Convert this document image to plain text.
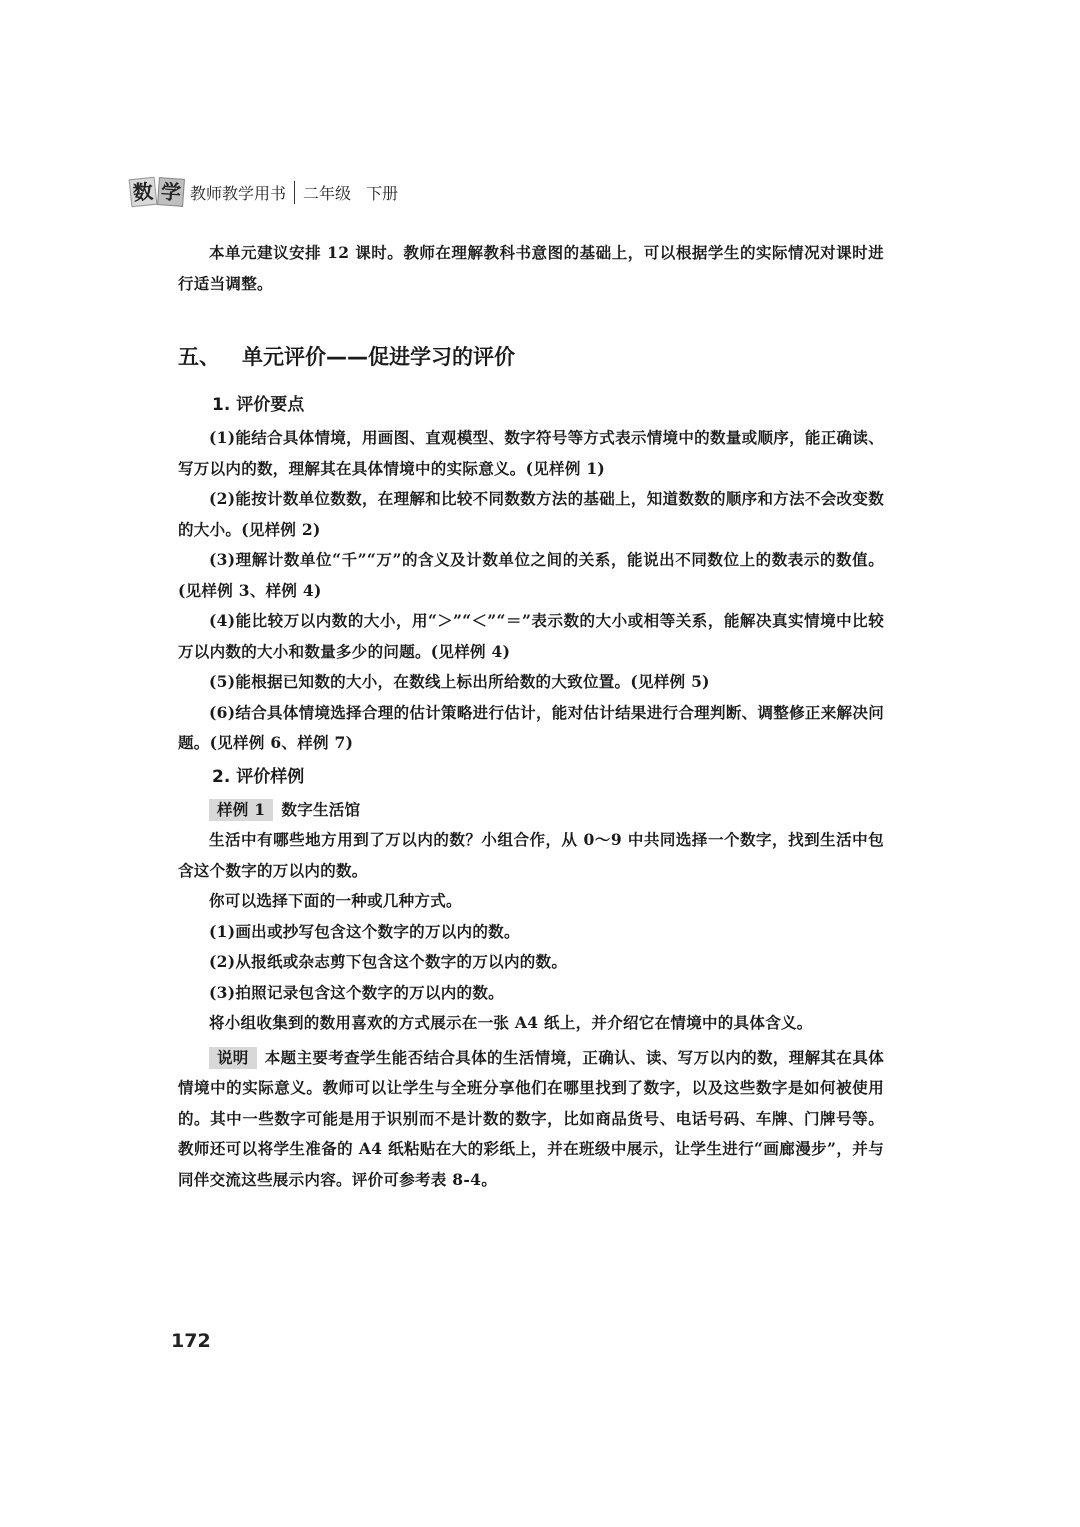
数 学 教师教学用书	二年级 下册

本单元建议安排 12 课时。教师在理解教科书意图的基础上，可以根据学生的实际情况对课时进行适当调整。

五、 单元评价——促进学习的评价
1. 评价要点

(1)能结合具体情境，用画图、直观模型、数字符号等方式表示情境中的数量或顺序，能正确读、写万以内的数，理解其在具体情境中的实际意义。(见样例 1)

(2)能按计数单位数数，在理解和比较不同数数方法的基础上，知道数数的顺序和方法不会改变数的大小。(见样例 2)

(3)理解计数单位“千”“万”的含义及计数单位之间的关系，能说出不同数位上的数表示的数值。(见样例 3、样例 4)

(4)能比较万以内数的大小，用“＞”“＜”“＝”表示数的大小或相等关系，能解决真实情境中比较万以内数的大小和数量多少的问题。(见样例 4)

(5)能根据已知数的大小，在数线上标出所给数的大致位置。(见样例 5)

(6)结合具体情境选择合理的估计策略进行估计，能对估计结果进行合理判断、调整修正来解决问题。(见样例 6、样例 7)

2. 评价样例

样例 1 数字生活馆

生活中有哪些地方用到了万以内的数？小组合作，从 0～9 中共同选择一个数字，找到生活中包含这个数字的万以内的数。

你可以选择下面的一种或几种方式。

(1)画出或抄写包含这个数字的万以内的数。

(2)从报纸或杂志剪下包含这个数字的万以内的数。

(3)拍照记录包含这个数字的万以内的数。

将小组收集到的数用喜欢的方式展示在一张 A4 纸上，并介绍它在情境中的具体含义。

说明 本题主要考查学生能否结合具体的生活情境，正确认、读、写万以内的数，理解其在具体情境中的实际意义。教师可以让学生与全班分享他们在哪里找到了数字，以及这些数字是如何被使用的。其中一些数字可能是用于识别而不是计数的数字，比如商品货号、电话号码、车牌、门牌号等。教师还可以将学生准备的 A4 纸粘贴在大的彩纸上，并在班级中展示，让学生进行“画廊漫步”，并与同伴交流这些展示内容。评价可参考表 8-4。

172
